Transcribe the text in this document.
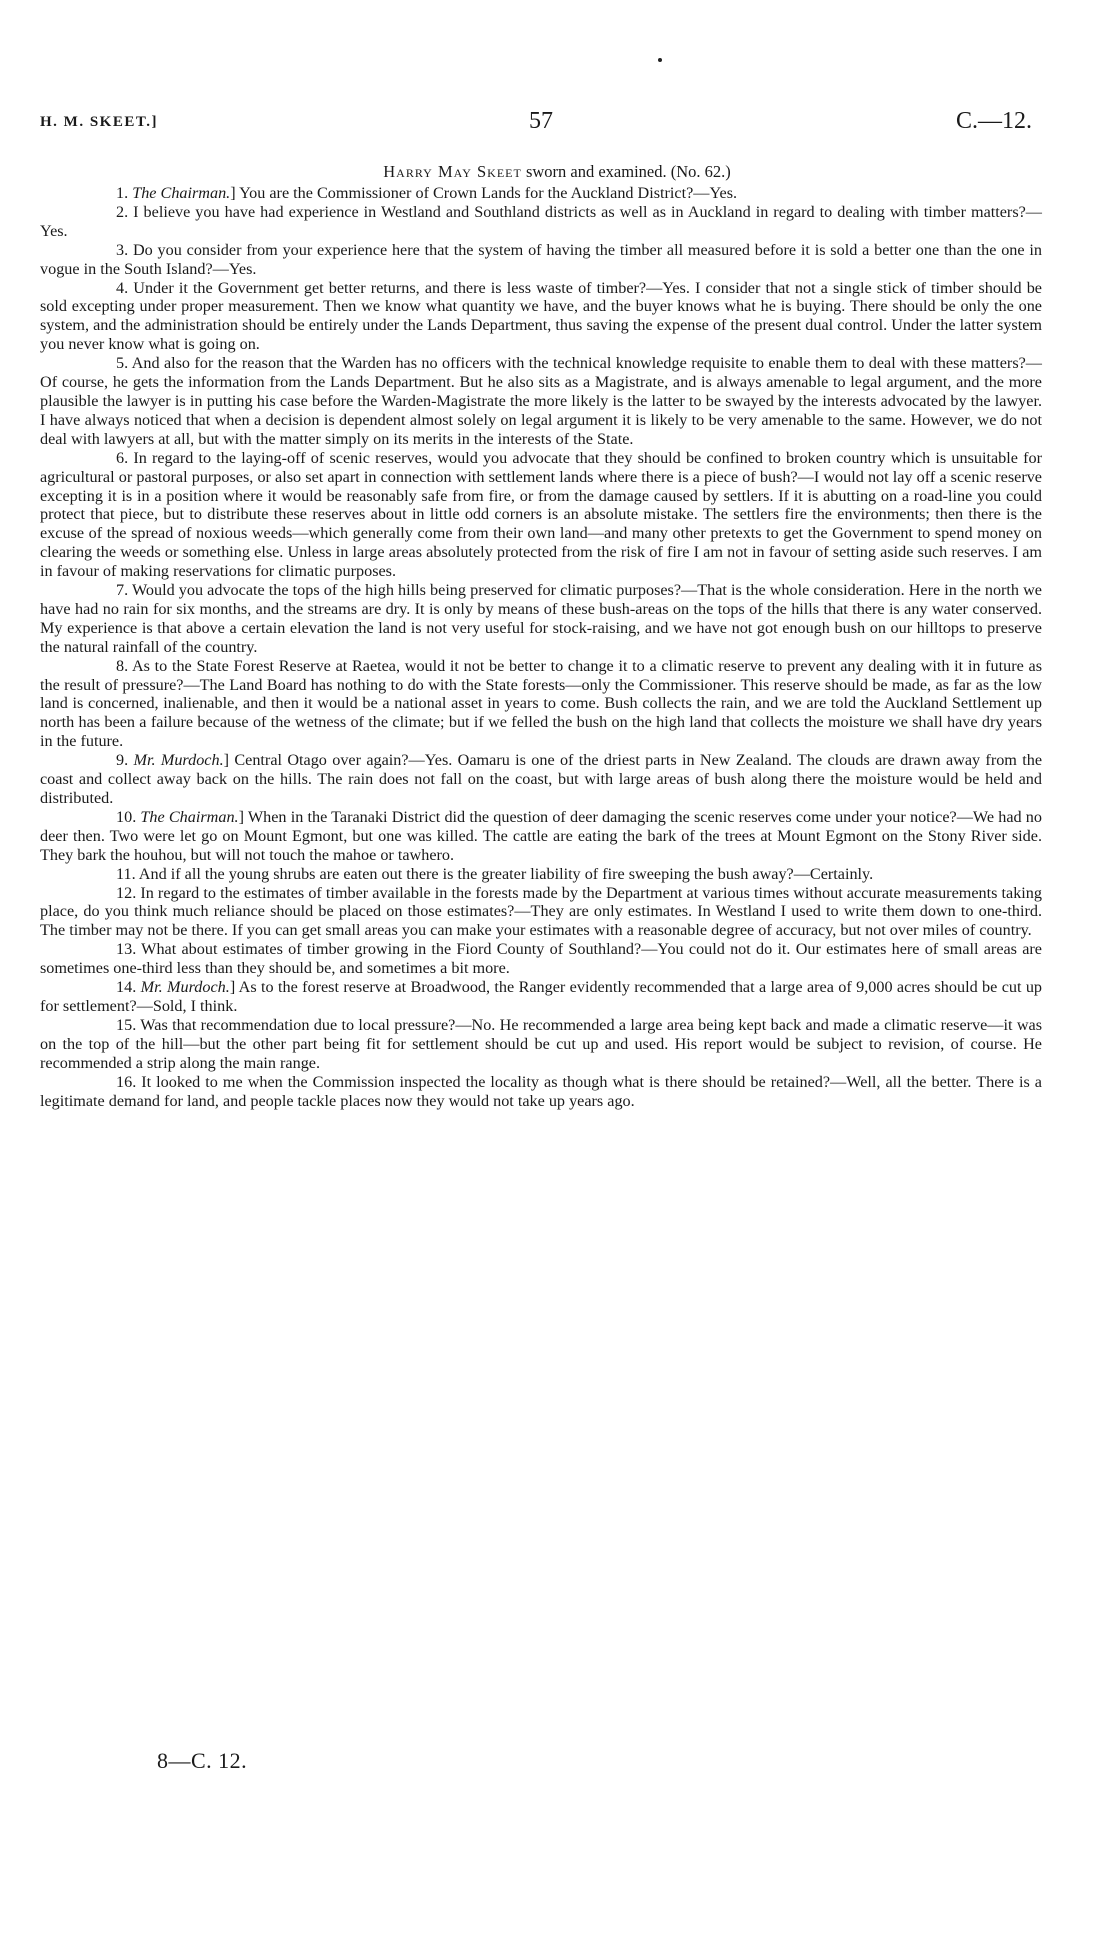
H. M. SKEET.]	57	C.—12.
Harry May Skeet sworn and examined. (No. 62.)

1. The Chairman.] You are the Commissioner of Crown Lands for the Auckland District?—Yes.

2. I believe you have had experience in Westland and Southland districts as well as in Auckland in regard to dealing with timber matters?—Yes.

3. Do you consider from your experience here that the system of having the timber all measured before it is sold a better one than the one in vogue in the South Island?—Yes.

4. Under it the Government get better returns, and there is less waste of timber?—Yes. I consider that not a single stick of timber should be sold excepting under proper measurement. Then we know what quantity we have, and the buyer knows what he is buying. There should be only the one system, and the administration should be entirely under the Lands Department, thus saving the expense of the present dual control. Under the latter system you never know what is going on.

5. And also for the reason that the Warden has no officers with the technical knowledge requisite to enable them to deal with these matters?—Of course, he gets the information from the Lands Department. But he also sits as a Magistrate, and is always amenable to legal argument, and the more plausible the lawyer is in putting his case before the Warden-Magistrate the more likely is the latter to be swayed by the interests advocated by the lawyer. I have always noticed that when a decision is dependent almost solely on legal argument it is likely to be very amenable to the same. However, we do not deal with lawyers at all, but with the matter simply on its merits in the interests of the State.

6. In regard to the laying-off of scenic reserves, would you advocate that they should be confined to broken country which is unsuitable for agricultural or pastoral purposes, or also set apart in connection with settlement lands where there is a piece of bush?—I would not lay off a scenic reserve excepting it is in a position where it would be reasonably safe from fire, or from the damage caused by settlers. If it is abutting on a road-line you could protect that piece, but to distribute these reserves about in little odd corners is an absolute mistake. The settlers fire the environments; then there is the excuse of the spread of noxious weeds—which generally come from their own land—and many other pretexts to get the Government to spend money on clearing the weeds or something else. Unless in large areas absolutely protected from the risk of fire I am not in favour of setting aside such reserves. I am in favour of making reservations for climatic purposes.

7. Would you advocate the tops of the high hills being preserved for climatic purposes?—That is the whole consideration. Here in the north we have had no rain for six months, and the streams are dry. It is only by means of these bush-areas on the tops of the hills that there is any water conserved. My experience is that above a certain elevation the land is not very useful for stock-raising, and we have not got enough bush on our hilltops to preserve the natural rainfall of the country.

8. As to the State Forest Reserve at Raetea, would it not be better to change it to a climatic reserve to prevent any dealing with it in future as the result of pressure?—The Land Board has nothing to do with the State forests—only the Commissioner. This reserve should be made, as far as the low land is concerned, inalienable, and then it would be a national asset in years to come. Bush collects the rain, and we are told the Auckland Settlement up north has been a failure because of the wetness of the climate; but if we felled the bush on the high land that collects the moisture we shall have dry years in the future.

9. Mr. Murdoch.] Central Otago over again?—Yes. Oamaru is one of the driest parts in New Zealand. The clouds are drawn away from the coast and collect away back on the hills. The rain does not fall on the coast, but with large areas of bush along there the moisture would be held and distributed.

10. The Chairman.] When in the Taranaki District did the question of deer damaging the scenic reserves come under your notice?—We had no deer then. Two were let go on Mount Egmont, but one was killed. The cattle are eating the bark of the trees at Mount Egmont on the Stony River side. They bark the houhou, but will not touch the mahoe or tawhero.

11. And if all the young shrubs are eaten out there is the greater liability of fire sweeping the bush away?—Certainly.

12. In regard to the estimates of timber available in the forests made by the Department at various times without accurate measurements taking place, do you think much reliance should be placed on those estimates?—They are only estimates. In Westland I used to write them down to one-third. The timber may not be there. If you can get small areas you can make your estimates with a reasonable degree of accuracy, but not over miles of country.

13. What about estimates of timber growing in the Fiord County of Southland?—You could not do it. Our estimates here of small areas are sometimes one-third less than they should be, and sometimes a bit more.

14. Mr. Murdoch.] As to the forest reserve at Broadwood, the Ranger evidently recommended that a large area of 9,000 acres should be cut up for settlement?—Sold, I think.

15. Was that recommendation due to local pressure?—No. He recommended a large area being kept back and made a climatic reserve—it was on the top of the hill—but the other part being fit for settlement should be cut up and used. His report would be subject to revision, of course. He recommended a strip along the main range.

16. It looked to me when the Commission inspected the locality as though what is there should be retained?—Well, all the better. There is a legitimate demand for land, and people tackle places now they would not take up years ago.

8—C. 12.
